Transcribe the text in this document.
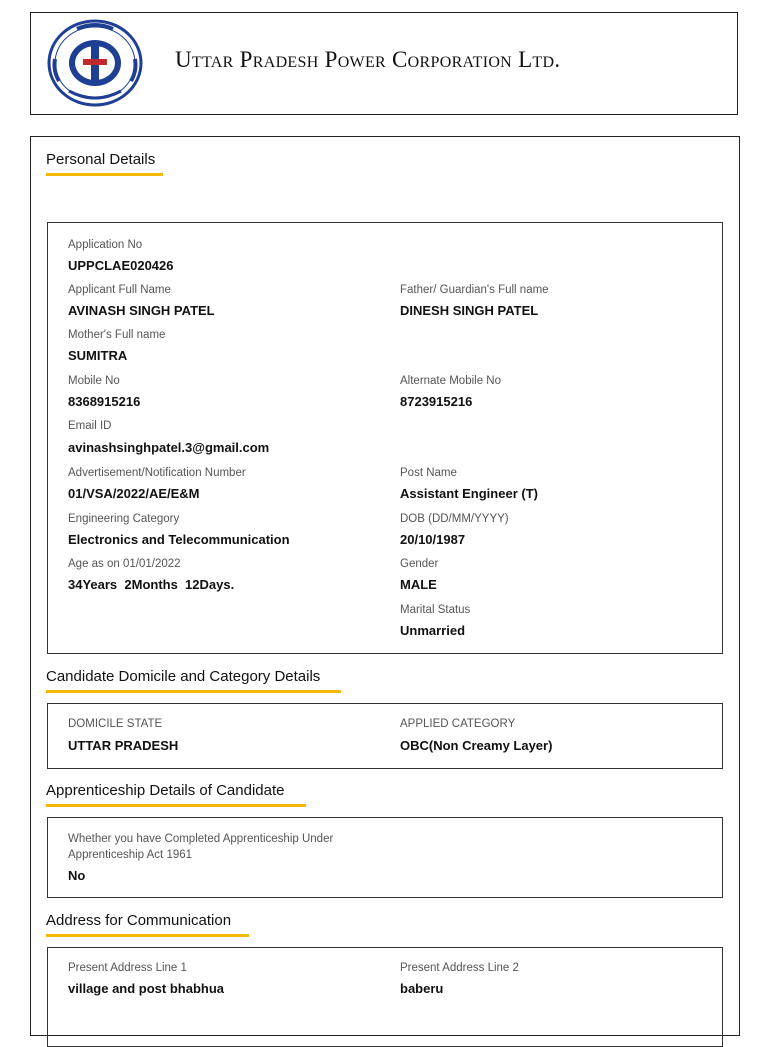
Uttar Pradesh Power Corporation Ltd.
Personal Details
Application No
UPPCLAE020426
Applicant Full Name
AVINASH SINGH PATEL
Father/ Guardian's Full name
DINESH SINGH PATEL
Mother's Full name
SUMITRA
Mobile No
8368915216
Alternate Mobile No
8723915216
Email ID
avinashsinghpatel.3@gmail.com
Advertisement/Notification Number
01/VSA/2022/AE/E&M
Post Name
Assistant Engineer (T)
Engineering Category
Electronics and Telecommunication
DOB (DD/MM/YYYY)
20/10/1987
Age as on 01/01/2022
34Years  2Months  12Days.
Gender
MALE
Marital Status
Unmarried
Candidate Domicile and Category Details
DOMICILE STATE
UTTAR PRADESH
APPLIED CATEGORY
OBC(Non Creamy Layer)
Apprenticeship Details of Candidate
Whether you have Completed Apprenticeship Under
Apprenticeship Act 1961
No
Address for Communication
Present Address Line 1
village and post bhabhua
Present Address Line 2
baberu
